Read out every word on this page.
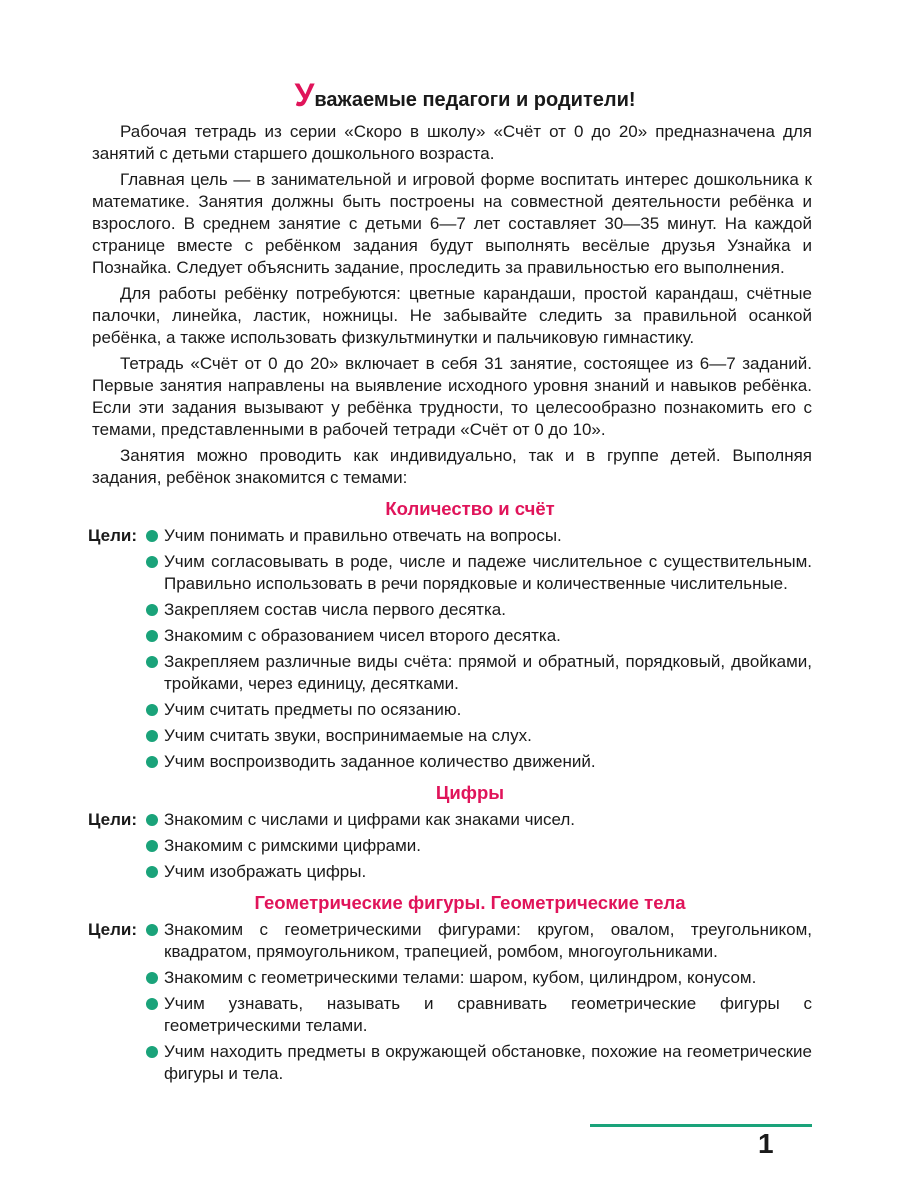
Уважаемые педагоги и родители!

Рабочая тетрадь из серии «Скоро в школу» «Счёт от 0 до 20» предназначена для занятий с детьми старшего дошкольного возраста.

Главная цель — в занимательной и игровой форме воспитать интерес дошкольника к математике. Занятия должны быть построены на совместной деятельности ребёнка и взрослого. В среднем занятие с детьми 6—7 лет составляет 30—35 минут. На каждой странице вместе с ребёнком задания будут выполнять весёлые друзья Узнайка и Познайка. Следует объяснить задание, проследить за правильностью его выполнения.

Для работы ребёнку потребуются: цветные карандаши, простой карандаш, счётные палочки, линейка, ластик, ножницы. Не забывайте следить за правильной осанкой ребёнка, а также использовать физкультминутки и пальчиковую гимнастику.

Тетрадь «Счёт от 0 до 20» включает в себя 31 занятие, состоящее из 6—7 заданий. Первые занятия направлены на выявление исходного уровня знаний и навыков ребёнка. Если эти задания вызывают у ребёнка трудности, то целесообразно познакомить его с темами, представленными в рабочей тетради «Счёт от 0 до 10».

Занятия можно проводить как индивидуально, так и в группе детей. Выполняя задания, ребёнок знакомится с темами:

Количество и счёт
Цели:	Учим понимать и правильно отвечать на вопросы.
Учим согласовывать в роде, числе и падеже числительное с существительным. Правильно использовать в речи порядковые и количественные числительные.
Закрепляем состав числа первого десятка.
Знакомим с образованием чисел второго десятка.
Закрепляем различные виды счёта: прямой и обратный, порядковый, двойками, тройками, через единицу, десятками.
Учим считать предметы по осязанию.
Учим считать звуки, воспринимаемые на слух.
Учим воспроизводить заданное количество движений.
Цифры
Цели:	Знакомим с числами и цифрами как знаками чисел.
Знакомим с римскими цифрами.
Учим изображать цифры.
Геометрические фигуры. Геометрические тела
Цели:	Знакомим с геометрическими фигурами: кругом, овалом, треугольником, квадратом, прямоугольником, трапецией, ромбом, многоугольниками.
Знакомим с геометрическими телами: шаром, кубом, цилиндром, конусом.
Учим узнавать, называть и сравнивать геометрические фигуры с геометрическими телами.
Учим находить предметы в окружающей обстановке, похожие на геометрические фигуры и тела.
1
